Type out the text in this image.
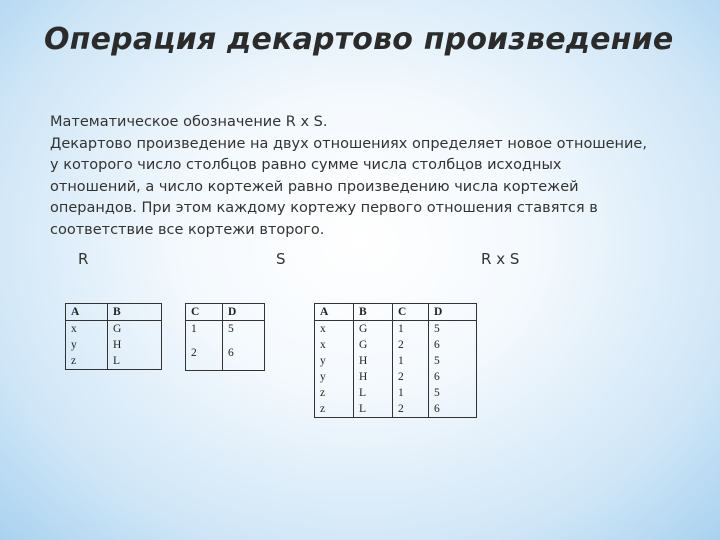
Операция декартово произведение
Математическое обозначение R x S.
Декартово произведение на двух отношениях определяет новое отношение,
у которого число столбцов равно сумме числа столбцов исходных
отношений, а число кортежей равно произведению числа кортежей
операндов. При этом каждому кортежу первого отношения ставятся в
соответствие все кортежи второго.
R	S	R x S
A	B
x	G
y	H
z	L
C	D
1	5
2	6
A	B	C	D
x	G	1	5
x	G	2	6
y	H	1	5
y	H	2	6
z	L	1	5
z	L	2	6
